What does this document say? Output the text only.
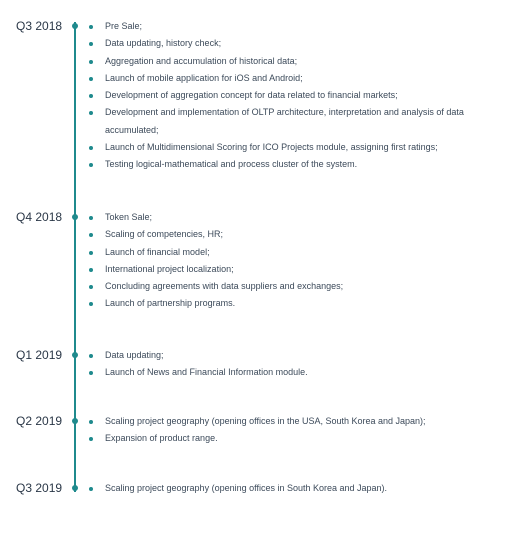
Q3 2018	Pre Sale;
Data updating, history check;
Aggregation and accumulation of historical data;
Launch of mobile application for iOS and Android;
Development of aggregation concept for data related to financial markets;
Development and implementation of OLTP architecture, interpretation and analysis of data accumulated;
Launch of Multidimensional Scoring for ICO Projects module, assigning first ratings;
Testing logical-mathematical and process cluster of the system.
Q4 2018	Token Sale;
Scaling of competencies, HR;
Launch of financial model;
International project localization;
Concluding agreements with data suppliers and exchanges;
Launch of partnership programs.
Q1 2019	Data updating;
Launch of News and Financial Information module.
Q2 2019	Scaling project geography (opening offices in the USA, South Korea and Japan);
Expansion of product range.
Q3 2019	Scaling project geography (opening offices in South Korea and Japan).
